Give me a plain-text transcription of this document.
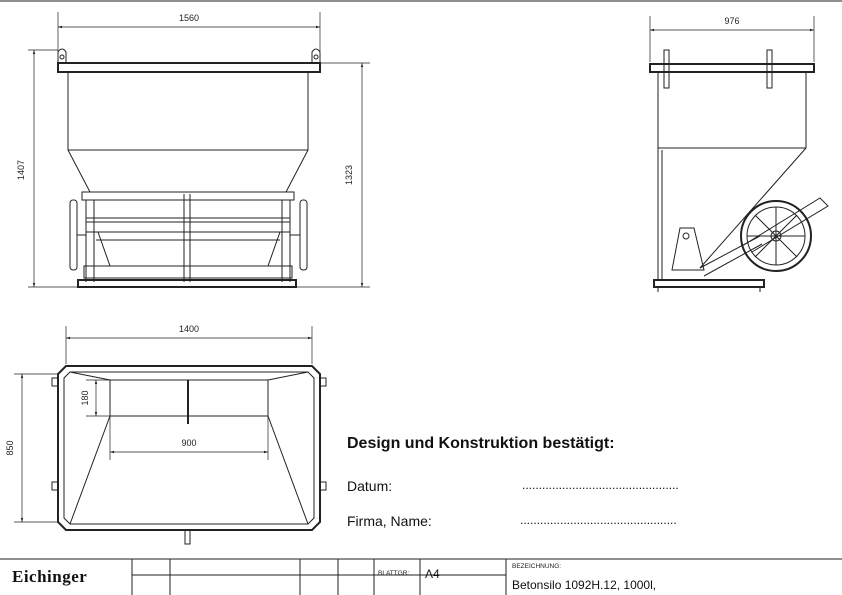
1560
1407	1323
976
1400
850
180
900	Design und Konstruktion bestätigt:
Datum:	...............................................
Firma, Name:	...............................................
Eichinger	BLATTGR: A4
BEZEICHNUNG:
Betonsilo 1092H.12, 1000l,
